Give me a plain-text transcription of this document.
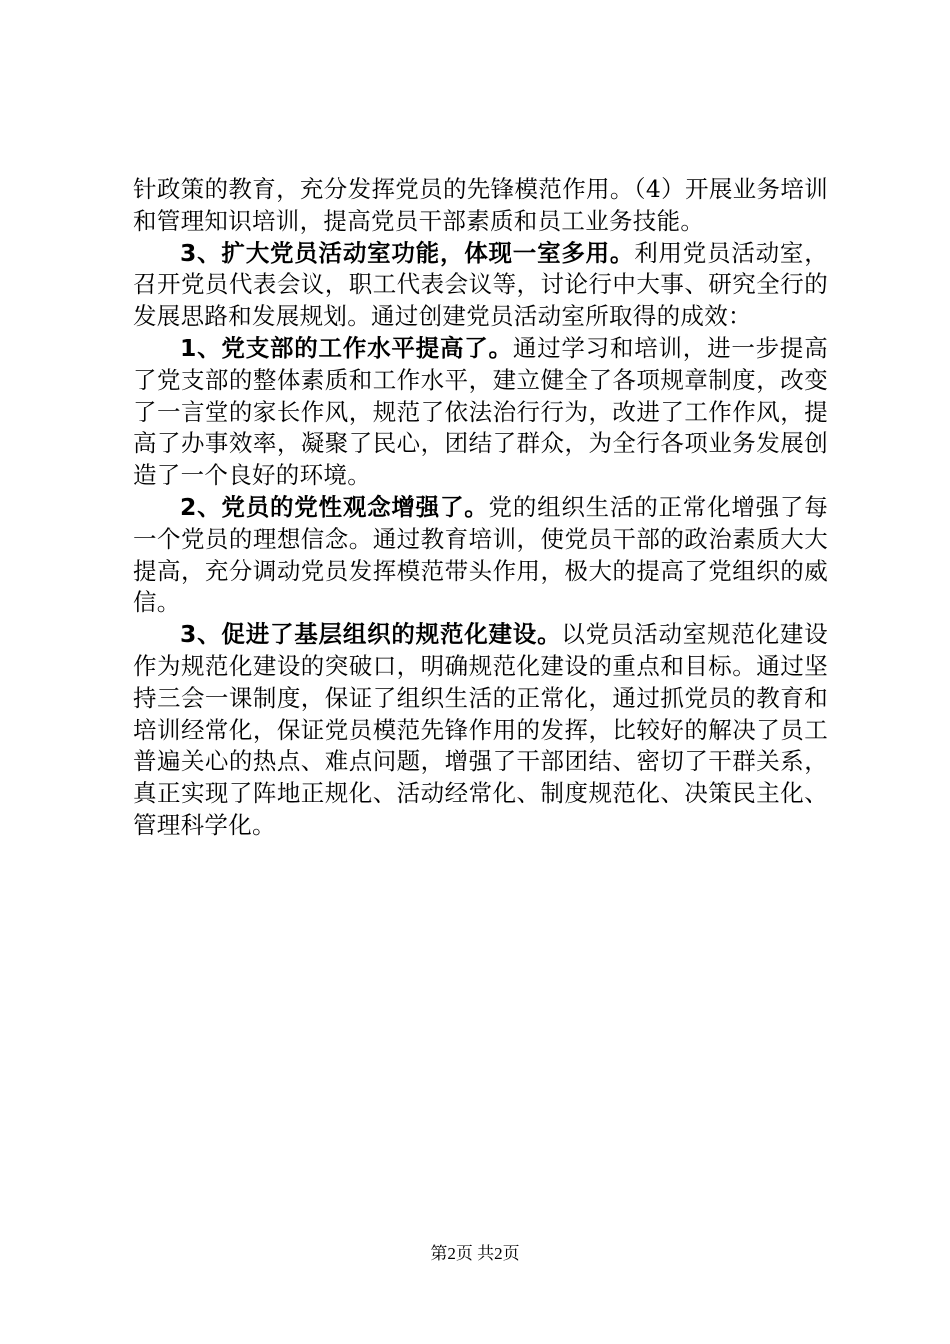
针政策的教育，充分发挥党员的先锋模范作用。（4）开展业务培训和管理知识培训，提高党员干部素质和员工业务技能。

3、扩大党员活动室功能，体现一室多用。利用党员活动室，召开党员代表会议，职工代表会议等，讨论行中大事、研究全行的发展思路和发展规划。通过创建党员活动室所取得的成效：

1、党支部的工作水平提高了。通过学习和培训，进一步提高了党支部的整体素质和工作水平，建立健全了各项规章制度，改变了一言堂的家长作风，规范了依法治行行为，改进了工作作风，提高了办事效率，凝聚了民心，团结了群众，为全行各项业务发展创造了一个良好的环境。

2、党员的党性观念增强了。党的组织生活的正常化增强了每一个党员的理想信念。通过教育培训，使党员干部的政治素质大大提高，充分调动党员发挥模范带头作用，极大的提高了党组织的威信。

3、促进了基层组织的规范化建设。以党员活动室规范化建设作为规范化建设的突破口，明确规范化建设的重点和目标。通过坚持三会一课制度，保证了组织生活的正常化，通过抓党员的教育和培训经常化，保证党员模范先锋作用的发挥，比较好的解决了员工普遍关心的热点、难点问题，增强了干部团结、密切了干群关系，真正实现了阵地正规化、活动经常化、制度规范化、决策民主化、管理科学化。

第2页 共2页
